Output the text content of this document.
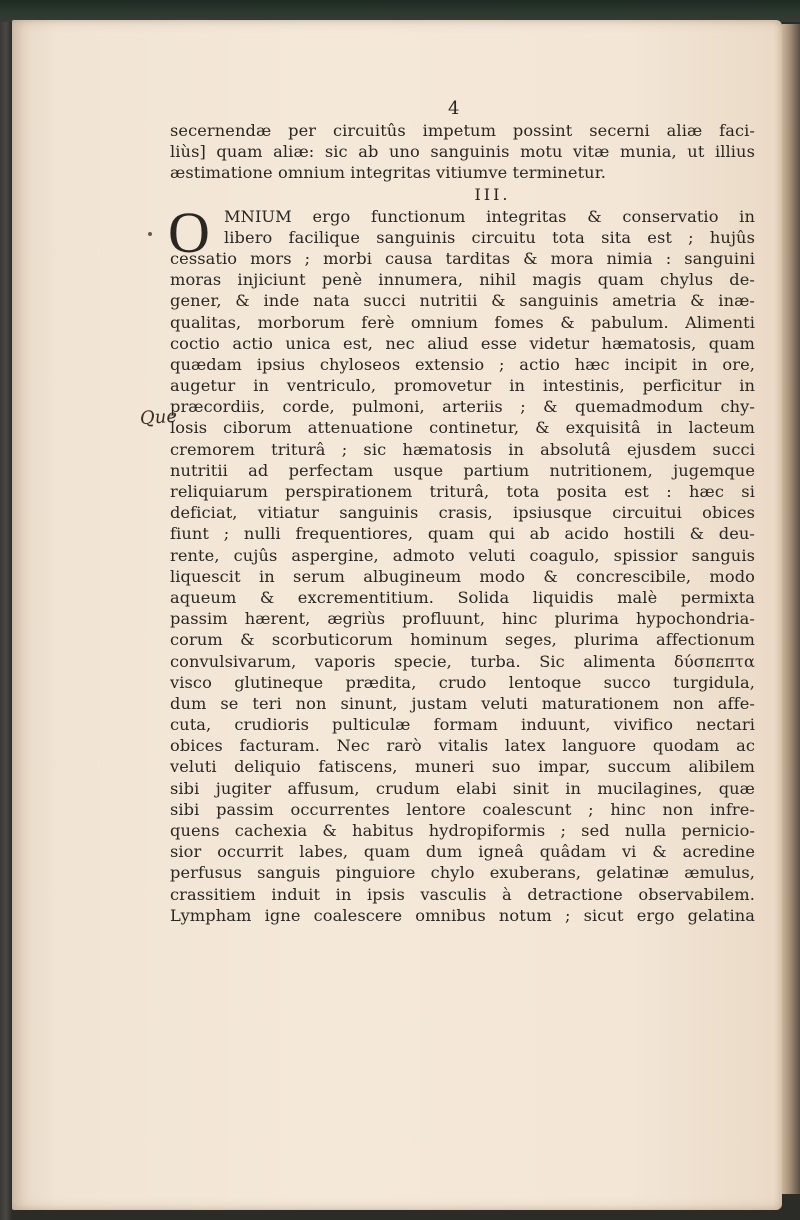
4
Que
secernendæ per circuitûs impetum possint secerni aliæ faci-
liùs] quam aliæ: sic ab uno sanguinis motu vitæ munia, ut illius
æstimatione omnium integritas vitiumve terminetur.
III.
O MNIUM ergo functionum integritas & conservatio in
libero facilique sanguinis circuitu tota sita est ; hujûs
cessatio mors ; morbi causa tarditas & mora nimia : sanguini
moras injiciunt penè innumera, nihil magis quam chylus de-
gener, & inde nata succi nutritii & sanguinis ametria & inæ-
qualitas, morborum ferè omnium fomes & pabulum. Alimenti
coctio actio unica est, nec aliud esse videtur hæmatosis, quam
quædam ipsius chyloseos extensio ; actio hæc incipit in ore,
augetur in ventriculo, promovetur in intestinis, perficitur in
præcordiis, corde, pulmoni, arteriis ; & quemadmodum chy-
losis ciborum attenuatione continetur, & exquisitâ in lacteum
cremorem triturâ ; sic hæmatosis in absolutâ ejusdem succi
nutritii ad perfectam usque partium nutritionem, jugemque
reliquiarum perspirationem triturâ, tota posita est : hæc si
deficiat, vitiatur sanguinis crasis, ipsiusque circuitui obices
fiunt ; nulli frequentiores, quam qui ab acido hostili & deu-
rente, cujûs aspergine, admoto veluti coagulo, spissior sanguis
liquescit in serum albugineum modo & concrescibile, modo
aqueum & excrementitium. Solida liquidis malè permixta
passim hærent, ægriùs profluunt, hinc plurima hypochondria-
corum & scorbuticorum hominum seges, plurima affectionum
convulsivarum, vaporis specie, turba. Sic alimenta δύσπεπτα
visco glutineque prædita, crudo lentoque succo turgidula,
dum se teri non sinunt, justam veluti maturationem non affe-
cuta, crudioris pulticulæ formam induunt, vivifico nectari
obices facturam. Nec rarò vitalis latex languore quodam ac
veluti deliquio fatiscens, muneri suo impar, succum alibilem
sibi jugiter affusum, crudum elabi sinit in mucilagines, quæ
sibi passim occurrentes lentore coalescunt ; hinc non infre-
quens cachexia & habitus hydropiformis ; sed nulla pernicio-
sior occurrit labes, quam dum igneâ quâdam vi & acredine
perfusus sanguis pinguiore chylo exuberans, gelatinæ æmulus,
crassitiem induit in ipsis vasculis à detractione observabilem.
Lympham igne coalescere omnibus notum ; sicut ergo gelatina
